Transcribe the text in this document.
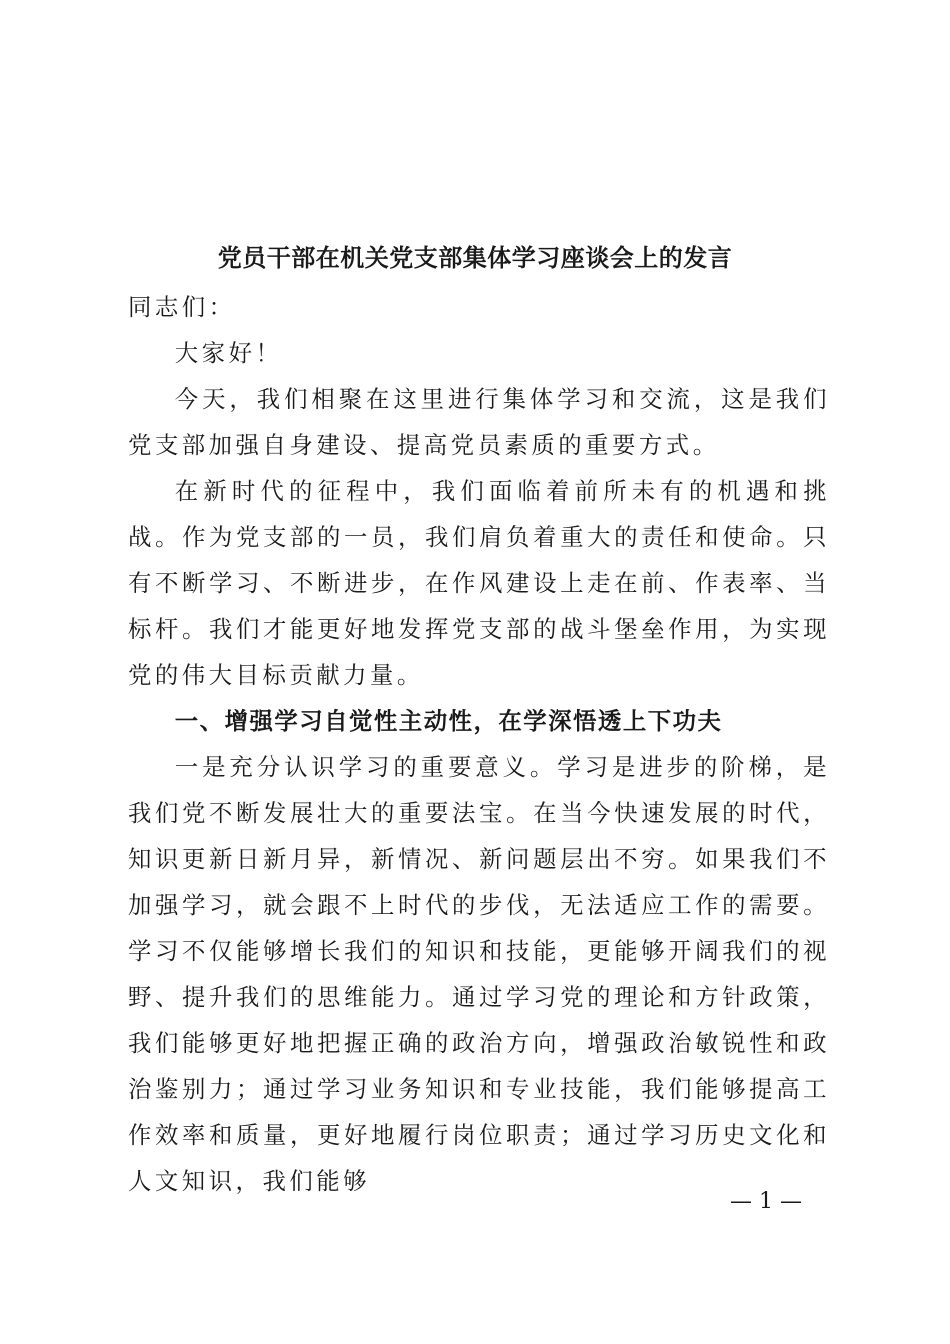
党员干部在机关党支部集体学习座谈会上的发言

同志们：

大家好！

今天，我们相聚在这里进行集体学习和交流，这是我们党支部加强自身建设、提高党员素质的重要方式。

在新时代的征程中，我们面临着前所未有的机遇和挑战。作为党支部的一员，我们肩负着重大的责任和使命。只有不断学习、不断进步，在作风建设上走在前、作表率、当标杆。我们才能更好地发挥党支部的战斗堡垒作用，为实现党的伟大目标贡献力量。

一、增强学习自觉性主动性，在学深悟透上下功夫

一是充分认识学习的重要意义。学习是进步的阶梯，是我们党不断发展壮大的重要法宝。在当今快速发展的时代，知识更新日新月异，新情况、新问题层出不穷。如果我们不加强学习，就会跟不上时代的步伐，无法适应工作的需要。学习不仅能够增长我们的知识和技能，更能够开阔我们的视野、提升我们的思维能力。通过学习党的理论和方针政策，我们能够更好地把握正确的政治方向，增强政治敏锐性和政治鉴别力；通过学习业务知识和专业技能，我们能够提高工作效率和质量，更好地履行岗位职责；通过学习历史文化和人文知识，我们能够

— 1 —
